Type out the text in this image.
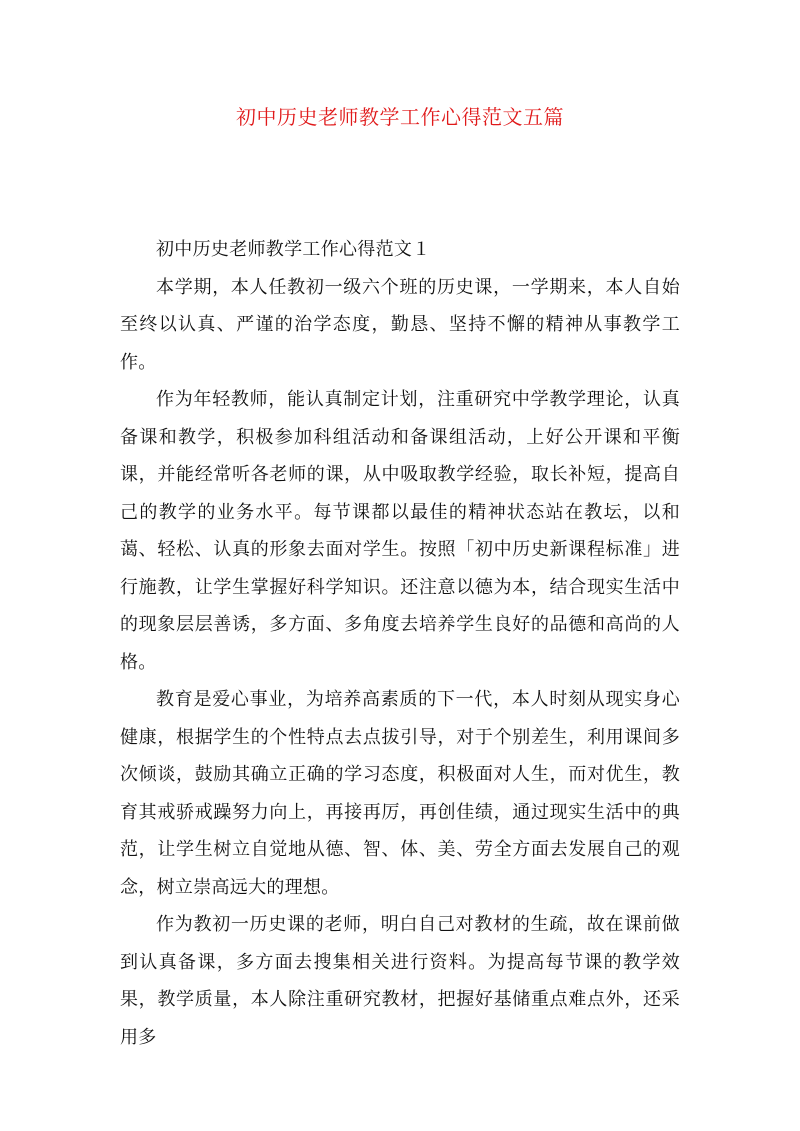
初中历史老师教学工作心得范文五篇

初中历史老师教学工作心得范文１

本学期，本人任教初一级六个班的历史课，一学期来，本人自始至终以认真、严谨的治学态度，勤恳、坚持不懈的精神从事教学工作。

作为年轻教师，能认真制定计划，注重研究中学教学理论，认真备课和教学，积极参加科组活动和备课组活动，上好公开课和平衡课，并能经常听各老师的课，从中吸取教学经验，取长补短，提高自己的教学的业务水平。每节课都以最佳的精神状态站在教坛，以和蔼、轻松、认真的形象去面对学生。按照「初中历史新课程标准」进行施教，让学生掌握好科学知识。还注意以德为本，结合现实生活中的现象层层善诱，多方面、多角度去培养学生良好的品德和高尚的人格。

教育是爱心事业，为培养高素质的下一代，本人时刻从现实身心健康，根据学生的个性特点去点拔引导，对于个别差生，利用课间多次倾谈，鼓励其确立正确的学习态度，积极面对人生，而对优生，教育其戒骄戒躁努力向上，再接再厉，再创佳绩，通过现实生活中的典范，让学生树立自觉地从德、智、体、美、劳全方面去发展自己的观念，树立崇高远大的理想。

作为教初一历史课的老师，明白自己对教材的生疏，故在课前做到认真备课，多方面去搜集相关进行资料。为提高每节课的教学效果，教学质量，本人除注重研究教材，把握好基储重点难点外，还采用多
